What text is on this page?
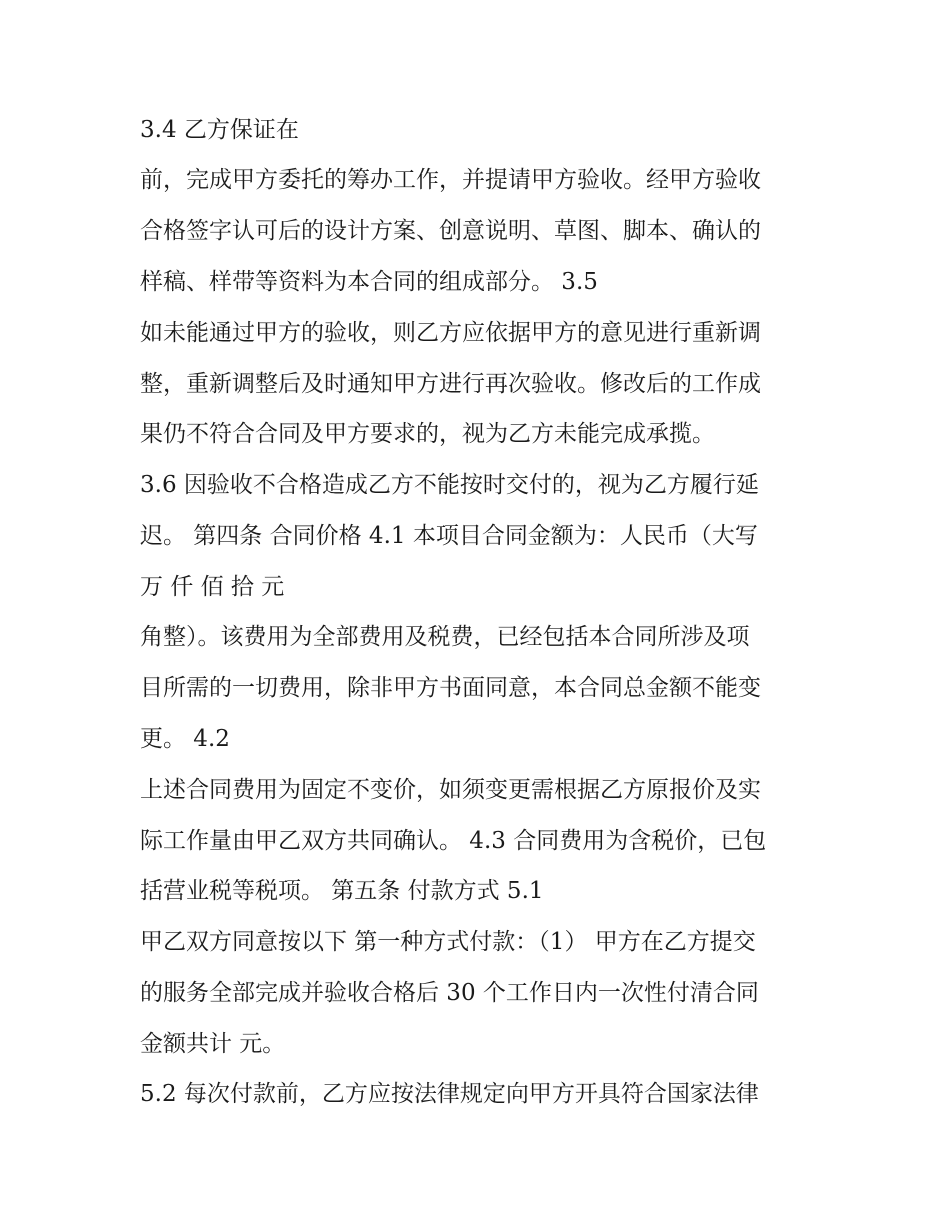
3.4 乙方保证在
前，完成甲方委托的筹办工作，并提请甲方验收。经甲方验收
合格签字认可后的设计方案、创意说明、草图、脚本、确认的
样稿、样带等资料为本合同的组成部分。 3.5
如未能通过甲方的验收，则乙方应依据甲方的意见进行重新调
整，重新调整后及时通知甲方进行再次验收。修改后的工作成
果仍不符合合同及甲方要求的，视为乙方未能完成承揽。
3.6 因验收不合格造成乙方不能按时交付的，视为乙方履行延
迟。 第四条 合同价格 4.1 本项目合同金额为：人民币（大写
万 仟 佰 拾 元
角整）。该费用为全部费用及税费，已经包括本合同所涉及项
目所需的一切费用，除非甲方书面同意，本合同总金额不能变
更。 4.2
上述合同费用为固定不变价，如须变更需根据乙方原报价及实
际工作量由甲乙双方共同确认。 4.3 合同费用为含税价，已包
括营业税等税项。 第五条 付款方式 5.1
甲乙双方同意按以下 第一种方式付款：（1） 甲方在乙方提交
的服务全部完成并验收合格后 30 个工作日内一次性付清合同
金额共计 元。
5.2 每次付款前，乙方应按法律规定向甲方开具符合国家法律
